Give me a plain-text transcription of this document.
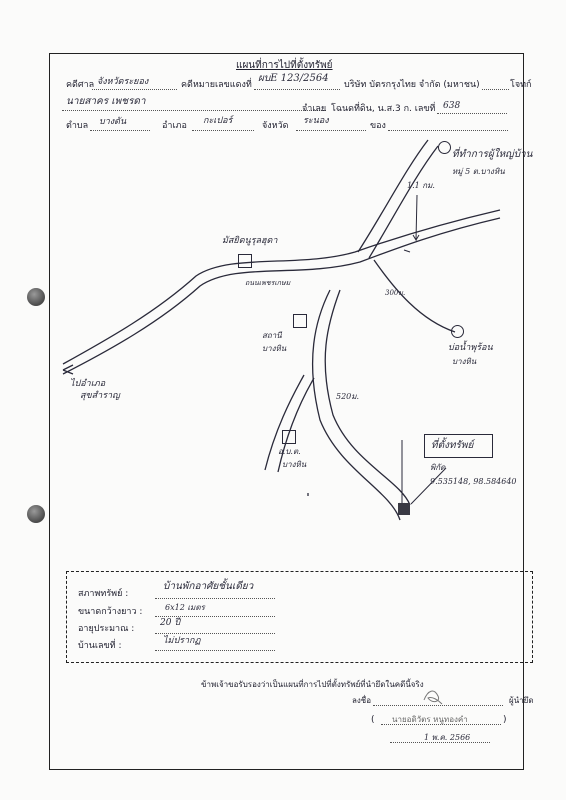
แผนที่การไปที่ตั้งทรัพย์
คดีศาล จังหวัดระยอง	คดีหมายเลขแดงที่
ผบE 123/2564
บริษัท บัตรกรุงไทย จำกัด (มหาชน)	โจทก์
นายสาคร เพชรดา
จำเลย โฉนดที่ดิน, น.ส.3 ก. เลขที่ 638
ตำบล บางดัน	อำเภอ กะเปอร์	จังหวัด ระนอง	ของ
ที่ทำการผู้ใหญ่บ้าน
หมู่ 5 ต.บางหิน
1.1 กม.
มัสยิดนูรุลฮุดา
ถนนเพชรเกษม
300ม.
สถานี
บางหิน	บ่อน้ำพุร้อน
บางหิน
ไปอำเภอ
สุขสำราญ	520ม.
อ.บ.ต.
บางหิน
ที่ตั้งทรัพย์
พิกัด
9.535148, 98.584640
สภาพทรัพย์ :
บ้านพักอาศัยชั้นเดียว
ขนาดกว้างยาว :	6x12 เมตร
อายุประมาณ :
20 ปี
บ้านเลขที่ :	ไม่ปรากฏ
ข้าพเจ้าขอรับรองว่าเป็นแผนที่การไปที่ตั้งทรัพย์ที่นำยึดในคดีนี้จริง
ลงชื่อ	ผู้นำยึด
( นายอดิวัตร หนูทองคำ	)
1 พ.ค. 2566
